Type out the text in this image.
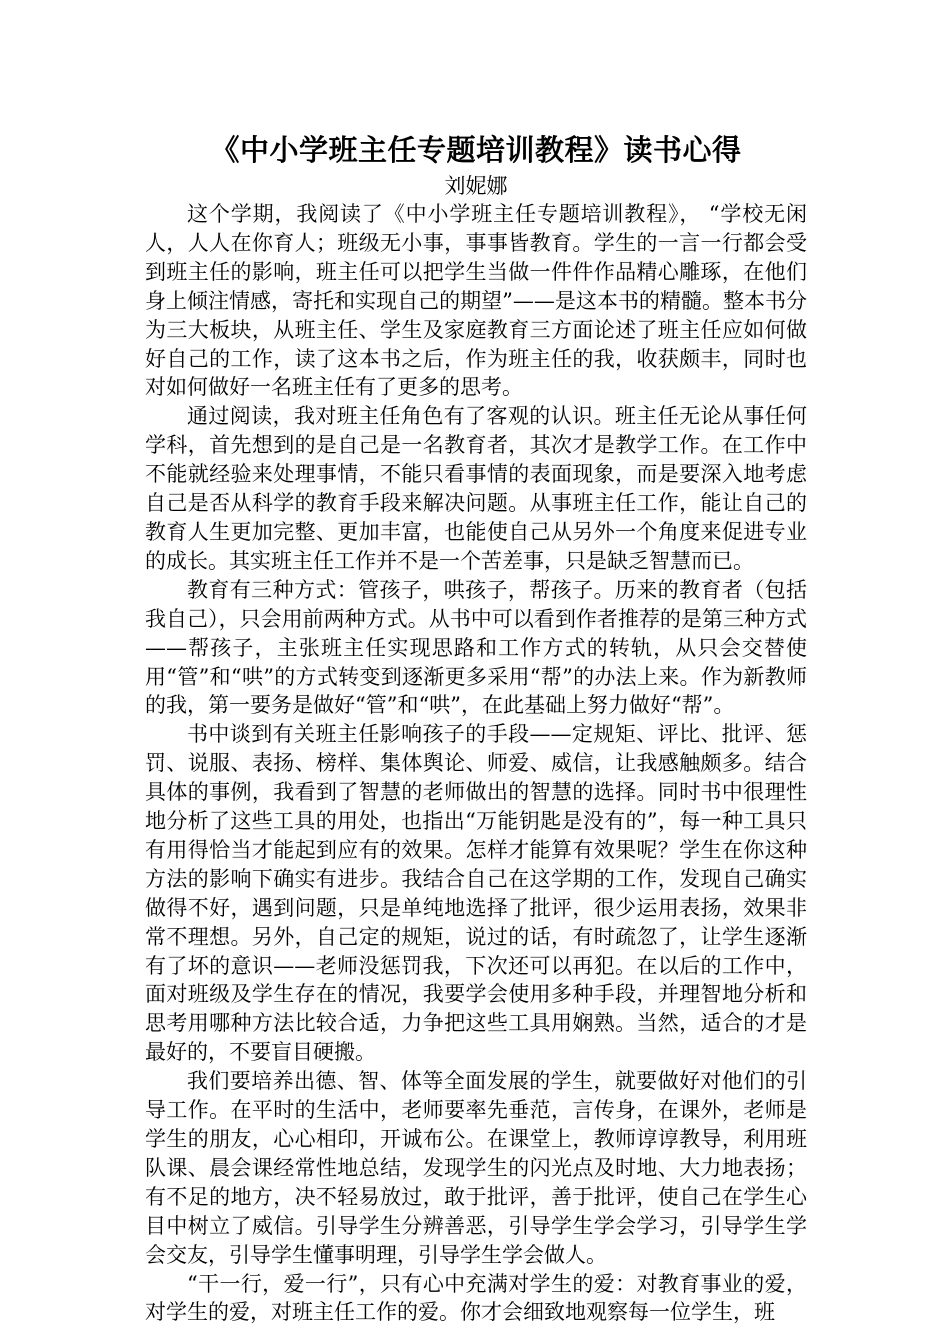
《中小学班主任专题培训教程》读书心得

刘妮娜

这个学期，我阅读了《中小学班主任专题培训教程》， “学校无闲人，人人在你育人；班级无小事，事事皆教育。学生的一言一行都会受到班主任的影响，班主任可以把学生当做一件件作品精心雕琢，在他们身上倾注情感，寄托和实现自己的期望”——是这本书的精髓。整本书分为三大板块，从班主任、学生及家庭教育三方面论述了班主任应如何做好自己的工作，读了这本书之后，作为班主任的我，收获颇丰，同时也对如何做好一名班主任有了更多的思考。

通过阅读，我对班主任角色有了客观的认识。班主任无论从事任何学科，首先想到的是自己是一名教育者，其次才是教学工作。在工作中不能就经验来处理事情，不能只看事情的表面现象，而是要深入地考虑自己是否从科学的教育手段来解决问题。从事班主任工作，能让自己的教育人生更加完整、更加丰富，也能使自己从另外一个角度来促进专业的成长。其实班主任工作并不是一个苦差事，只是缺乏智慧而已。

教育有三种方式：管孩子，哄孩子，帮孩子。历来的教育者（包括我自己），只会用前两种方式。从书中可以看到作者推荐的是第三种方式——帮孩子，主张班主任实现思路和工作方式的转轨，从只会交替使用“管”和“哄”的方式转变到逐渐更多采用“帮”的办法上来。作为新教师的我，第一要务是做好“管”和“哄”，在此基础上努力做好“帮”。

书中谈到有关班主任影响孩子的手段——定规矩、评比、批评、惩罚、说服、表扬、榜样、集体舆论、师爱、威信，让我感触颇多。结合具体的事例，我看到了智慧的老师做出的智慧的选择。同时书中很理性地分析了这些工具的用处，也指出“万能钥匙是没有的”，每一种工具只有用得恰当才能起到应有的效果。怎样才能算有效果呢？学生在你这种方法的影响下确实有进步。我结合自己在这学期的工作，发现自己确实做得不好，遇到问题，只是单纯地选择了批评，很少运用表扬，效果非常不理想。另外，自己定的规矩，说过的话，有时疏忽了，让学生逐渐有了坏的意识——老师没惩罚我，下次还可以再犯。在以后的工作中，面对班级及学生存在的情况，我要学会使用多种手段，并理智地分析和思考用哪种方法比较合适，力争把这些工具用娴熟。当然，适合的才是最好的，不要盲目硬搬。

我们要培养出德、智、体等全面发展的学生，就要做好对他们的引导工作。在平时的生活中，老师要率先垂范，言传身，在课外，老师是学生的朋友，心心相印，开诚布公。在课堂上，教师谆谆教导，利用班队课、晨会课经常性地总结，发现学生的闪光点及时地、大力地表扬；有不足的地方，决不轻易放过，敢于批评，善于批评，使自己在学生心目中树立了威信。引导学生分辨善恶，引导学生学会学习，引导学生学会交友，引导学生懂事明理，引导学生学会做人。

“干一行，爱一行”，只有心中充满对学生的爱：对教育事业的爱，对学生的爱，对班主任工作的爱。你才会细致地观察每一位学生，班
